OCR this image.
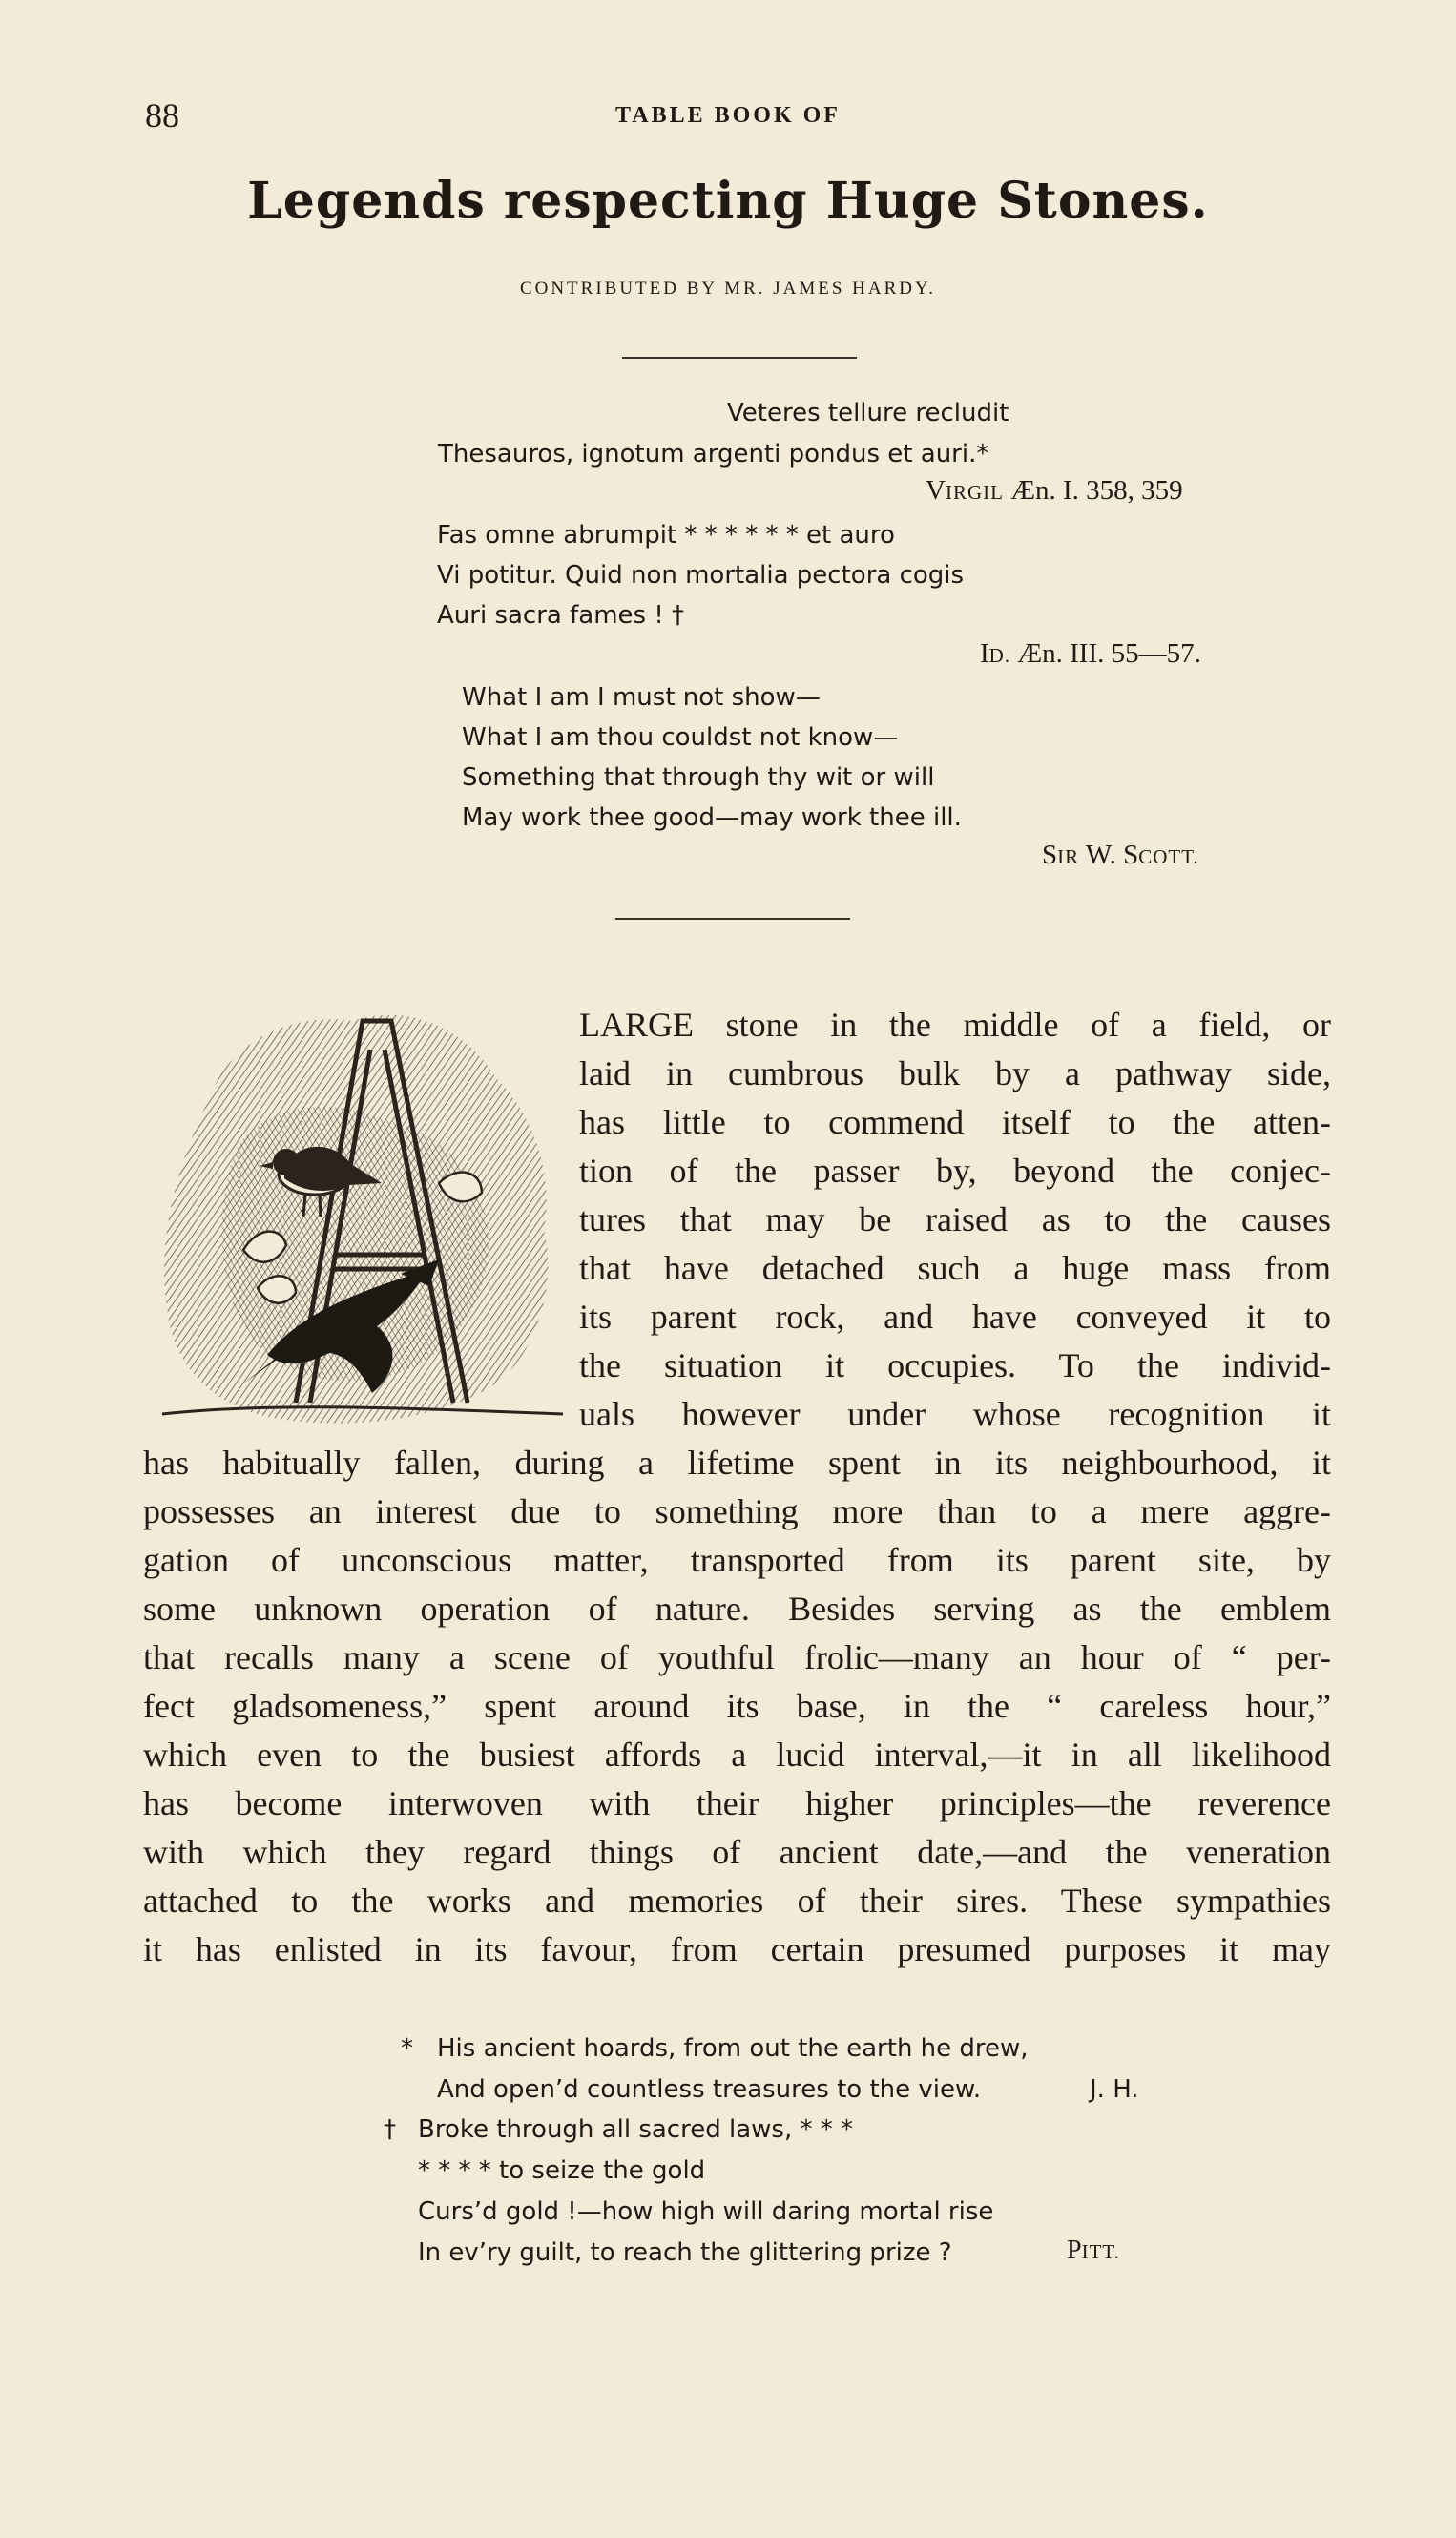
88	TABLE BOOK OF
Legends respecting Huge Stones.
CONTRIBUTED BY MR. JAMES HARDY.
Veteres tellure recludit
Thesauros, ignotum argenti pondus et auri.*
VIRGIL Æn. I. 358, 359
Fas omne abrumpit * * * * * * et auro
Vi potitur. Quid non mortalia pectora cogis
Auri sacra fames ! †
ID. Æn. III. 55—57.
What I am I must not show—
What I am thou couldst not know—
Something that through thy wit or will
May work thee good—may work thee ill.
SIR W. SCOTT.
LARGE stone in the middle of a field, or
laid in cumbrous bulk by a pathway side,
has little to commend itself to the atten-
tion of the passer by, beyond the conjec-
tures that may be raised as to the causes
that have detached such a huge mass from
its parent rock, and have conveyed it to
the situation it occupies. To the individ-
uals however under whose recognition it
has habitually fallen, during a lifetime spent in its neighbourhood, it
possesses an interest due to something more than to a mere aggre-
gation of unconscious matter, transported from its parent site, by
some unknown operation of nature. Besides serving as the emblem
that recalls many a scene of youthful frolic—many an hour of “ per-
fect gladsomeness,” spent around its base, in the “ careless hour,”
which even to the busiest affords a lucid interval,—it in all likelihood
has become interwoven with their higher principles—the reverence
with which they regard things of ancient date,—and the veneration
attached to the works and memories of their sires. These sympathies
it has enlisted in its favour, from certain presumed purposes it may
* His ancient hoards, from out the earth he drew,
And open’d countless treasures to the view.	J. H.
† Broke through all sacred laws, * * *
* * * * to seize the gold
Curs’d gold !—how high will daring mortal rise
In ev’ry guilt, to reach the glittering prize ?	PITT.
